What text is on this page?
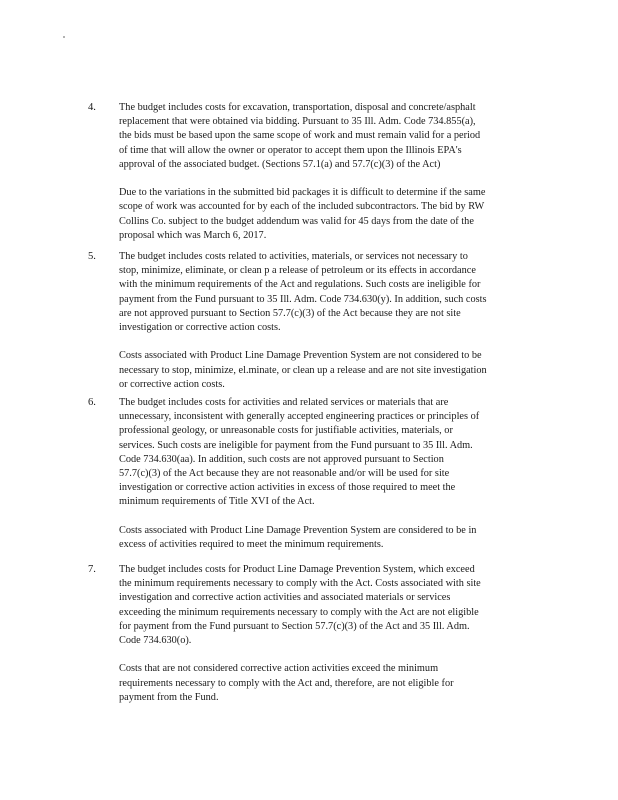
4. The budget includes costs for excavation, transportation, disposal and concrete/asphalt
replacement that were obtained via bidding. Pursuant to 35 Ill. Adm. Code 734.855(a),
the bids must be based upon the same scope of work and must remain valid for a period
of time that will allow the owner or operator to accept them upon the Illinois EPA's
approval of the associated budget. (Sections 57.1(a) and 57.7(c)(3) of the Act)

Due to the variations in the submitted bid packages it is difficult to determine if the same
scope of work was accounted for by each of the included subcontractors. The bid by RW
Collins Co. subject to the budget addendum was valid for 45 days from the date of the
proposal which was March 6, 2017.

5. The budget includes costs related to activities, materials, or services not necessary to
stop, minimize, eliminate, or clean p a release of petroleum or its effects in accordance
with the minimum requirements of the Act and regulations. Such costs are ineligible for
payment from the Fund pursuant to 35 Ill. Adm. Code 734.630(y). In addition, such costs
are not approved pursuant to Section 57.7(c)(3) of the Act because they are not site
investigation or corrective action costs.

Costs associated with Product Line Damage Prevention System are not considered to be
necessary to stop, minimize, el.minate, or clean up a release and are not site investigation
or corrective action costs.

6. The budget includes costs for activities and related services or materials that are
unnecessary, inconsistent with generally accepted engineering practices or principles of
professional geology, or unreasonable costs for justifiable activities, materials, or
services. Such costs are ineligible for payment from the Fund pursuant to 35 Ill. Adm.
Code 734.630(aa). In addition, such costs are not approved pursuant to Section
57.7(c)(3) of the Act because they are not reasonable and/or will be used for site
investigation or corrective action activities in excess of those required to meet the
minimum requirements of Title XVI of the Act.

Costs associated with Product Line Damage Prevention System are considered to be in
excess of activities required to meet the minimum requirements.

7. The budget includes costs for Product Line Damage Prevention System, which exceed
the minimum requirements necessary to comply with the Act. Costs associated with site
investigation and corrective action activities and associated materials or services
exceeding the minimum requirements necessary to comply with the Act are not eligible
for payment from the Fund pursuant to Section 57.7(c)(3) of the Act and 35 Ill. Adm.
Code 734.630(o).

Costs that are not considered corrective action activities exceed the minimum
requirements necessary to comply with the Act and, therefore, are not eligible for
payment from the Fund.
